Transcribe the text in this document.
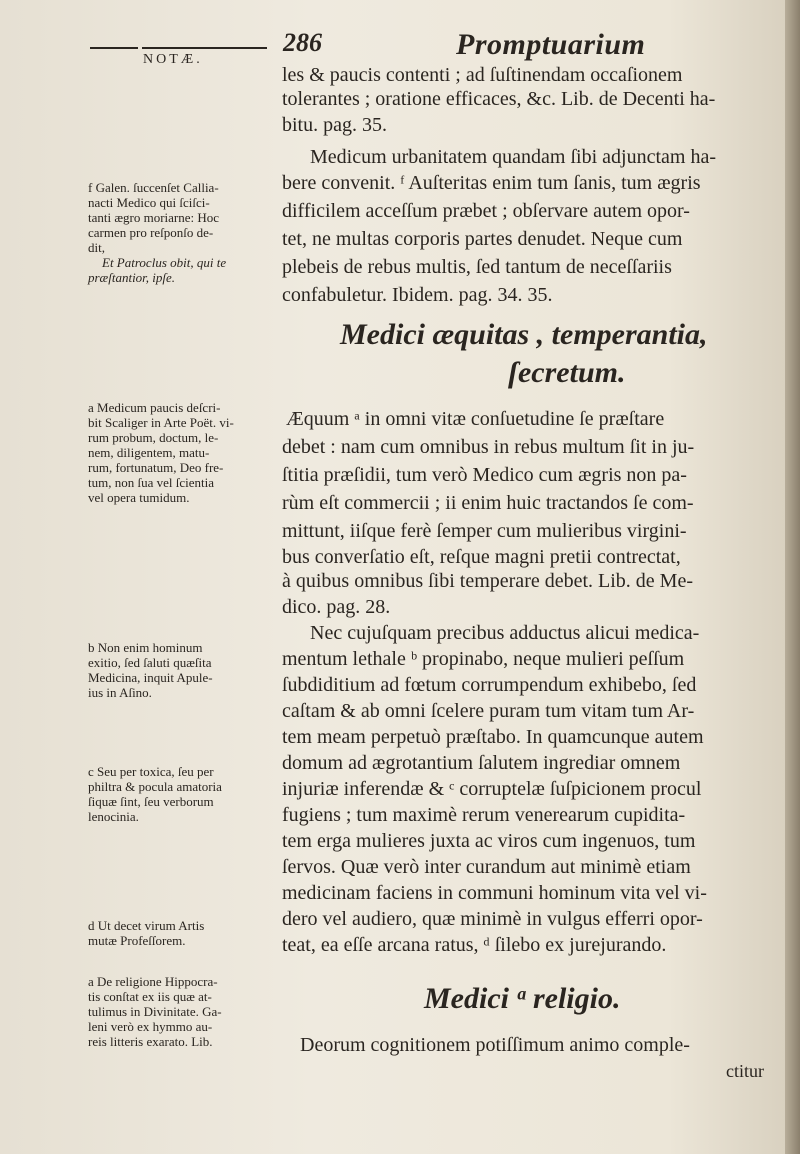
NOTÆ.
286	Promptuarium
les & paucis contenti ; ad ſuſtinendam occaſionem
tolerantes ; oratione efficaces, &c. Lib. de Decenti ha-
bitu. pag. 35.
Medicum urbanitatem quandam ſibi adjunctam ha-
bere convenit. ᶠ Auſteritas enim tum ſanis, tum ægris
difficilem acceſſum præbet ; obſervare autem opor-
tet, ne multas corporis partes denudet. Neque cum
plebeis de rebus multis, ſed tantum de neceſſariis
confabuletur. Ibidem. pag. 34. 35.
Medici æquitas , temperantia,
ſecretum.
Æquum ᵃ in omni vitæ conſuetudine ſe præſtare
debet : nam cum omnibus in rebus multum ſit in ju-
ſtitia præſidii, tum verò Medico cum ægris non pa-
rùm eſt commercii ; ii enim huic tractandos ſe com-
mittunt, iiſque ferè ſemper cum mulieribus virgini-
bus converſatio eſt, reſque magni pretii contrectat,
à quibus omnibus ſibi temperare debet. Lib. de Me-
dico. pag. 28.
Nec cujuſquam precibus adductus alicui medica-
mentum lethale ᵇ propinabo, neque mulieri peſſum
ſubdiditium ad fœtum corrumpendum exhibebo, ſed
caſtam & ab omni ſcelere puram tum vitam tum Ar-
tem meam perpetuò præſtabo. In quamcunque autem
domum ad ægrotantium ſalutem ingrediar omnem
injuriæ inferendæ & ᶜ corruptelæ ſuſpicionem procul
fugiens ; tum maximè rerum venerearum cupidita-
tem erga mulieres juxta ac viros cum ingenuos, tum
ſervos. Quæ verò inter curandum aut minimè etiam
medicinam faciens in communi hominum vita vel vi-
dero vel audiero, quæ minimè in vulgus efferri opor-
teat, ea eſſe arcana ratus, ᵈ ſilebo ex jurejurando.
Medici ᵃ religio.
Deorum cognitionem potiſſimum animo comple-
ctitur
f Galen. ſuccenſet Callia-
nacti Medico qui ſciſci-
tanti ægro moriarne: Hoc
carmen pro reſponſo de-
dit,
Et Patroclus obit, qui te
præſtantior, ipſe.
a Medicum paucis deſcri-
bit Scaliger in Arte Poët. vi-
rum probum, doctum, le-
nem, diligentem, matu-
rum, fortunatum, Deo fre-
tum, non ſua vel ſcientia
vel opera tumidum.
b Non enim hominum
exitio, ſed ſaluti quæſita
Medicina, inquit Apule-
ius in Aſino.
c Seu per toxica, ſeu per
philtra & pocula amatoria
ſiquæ ſint, ſeu verborum
lenocinia.
d Ut decet virum Artis
mutæ Profeſſorem.
a De religione Hippocra-
tis conſtat ex iis quæ at-
tulimus in Divinitate. Ga-
leni verò ex hymmo au-
reis litteris exarato. Lib.
